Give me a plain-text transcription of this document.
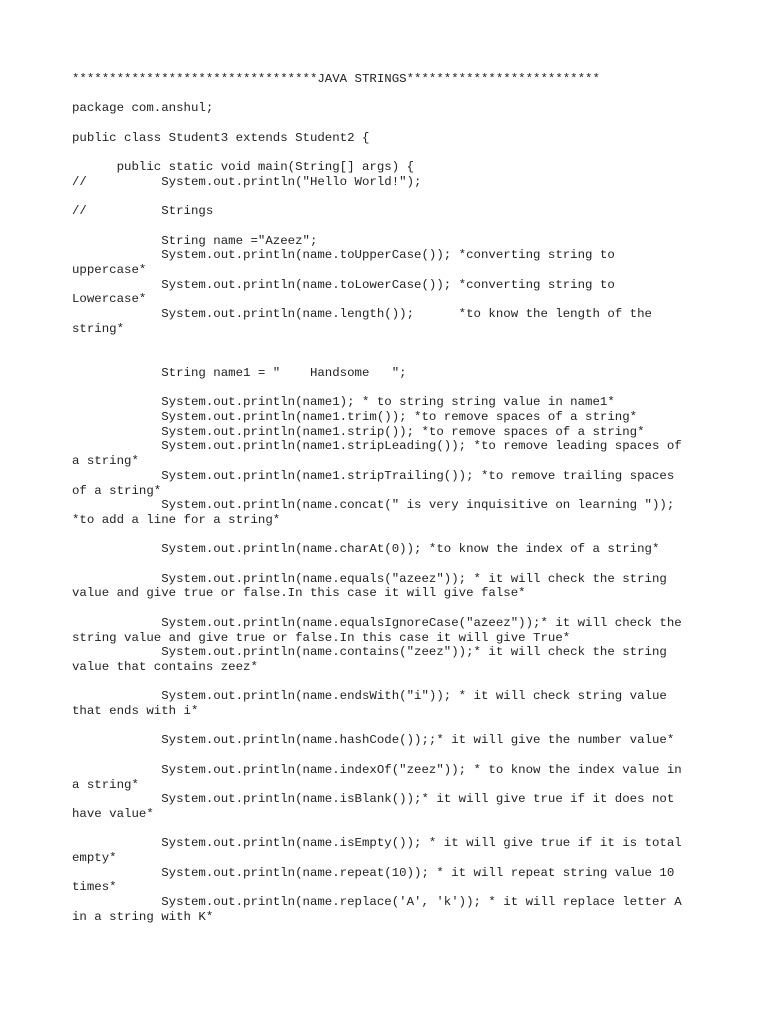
*********************************JAVA STRINGS**************************
package com.anshul;
public class Student3 extends Student2 {
public static void main(String[] args) {
//          System.out.println("Hello World!");
//          Strings
String name ="Azeez";
System.out.println(name.toUpperCase()); *converting string to
uppercase*
System.out.println(name.toLowerCase()); *converting string to
Lowercase*
System.out.println(name.length());      *to know the length of the
string*
String name1 = "    Handsome   ";
System.out.println(name1); * to string string value in name1*
System.out.println(name1.trim()); *to remove spaces of a string*
System.out.println(name1.strip()); *to remove spaces of a string*
System.out.println(name1.stripLeading()); *to remove leading spaces of
a string*
System.out.println(name1.stripTrailing()); *to remove trailing spaces
of a string*
System.out.println(name.concat(" is very inquisitive on learning "));
*to add a line for a string*
System.out.println(name.charAt(0)); *to know the index of a string*
System.out.println(name.equals("azeez")); * it will check the string
value and give true or false.In this case it will give false*
System.out.println(name.equalsIgnoreCase("azeez"));* it will check the
string value and give true or false.In this case it will give True*
System.out.println(name.contains("zeez"));* it will check the string
value that contains zeez*
System.out.println(name.endsWith("i")); * it will check string value
that ends with i*
System.out.println(name.hashCode());;* it will give the number value*
System.out.println(name.indexOf("zeez")); * to know the index value in
a string*
System.out.println(name.isBlank());* it will give true if it does not
have value*
System.out.println(name.isEmpty()); * it will give true if it is total
empty*
System.out.println(name.repeat(10)); * it will repeat string value 10
times*
System.out.println(name.replace('A', 'k')); * it will replace letter A
in a string with K*
